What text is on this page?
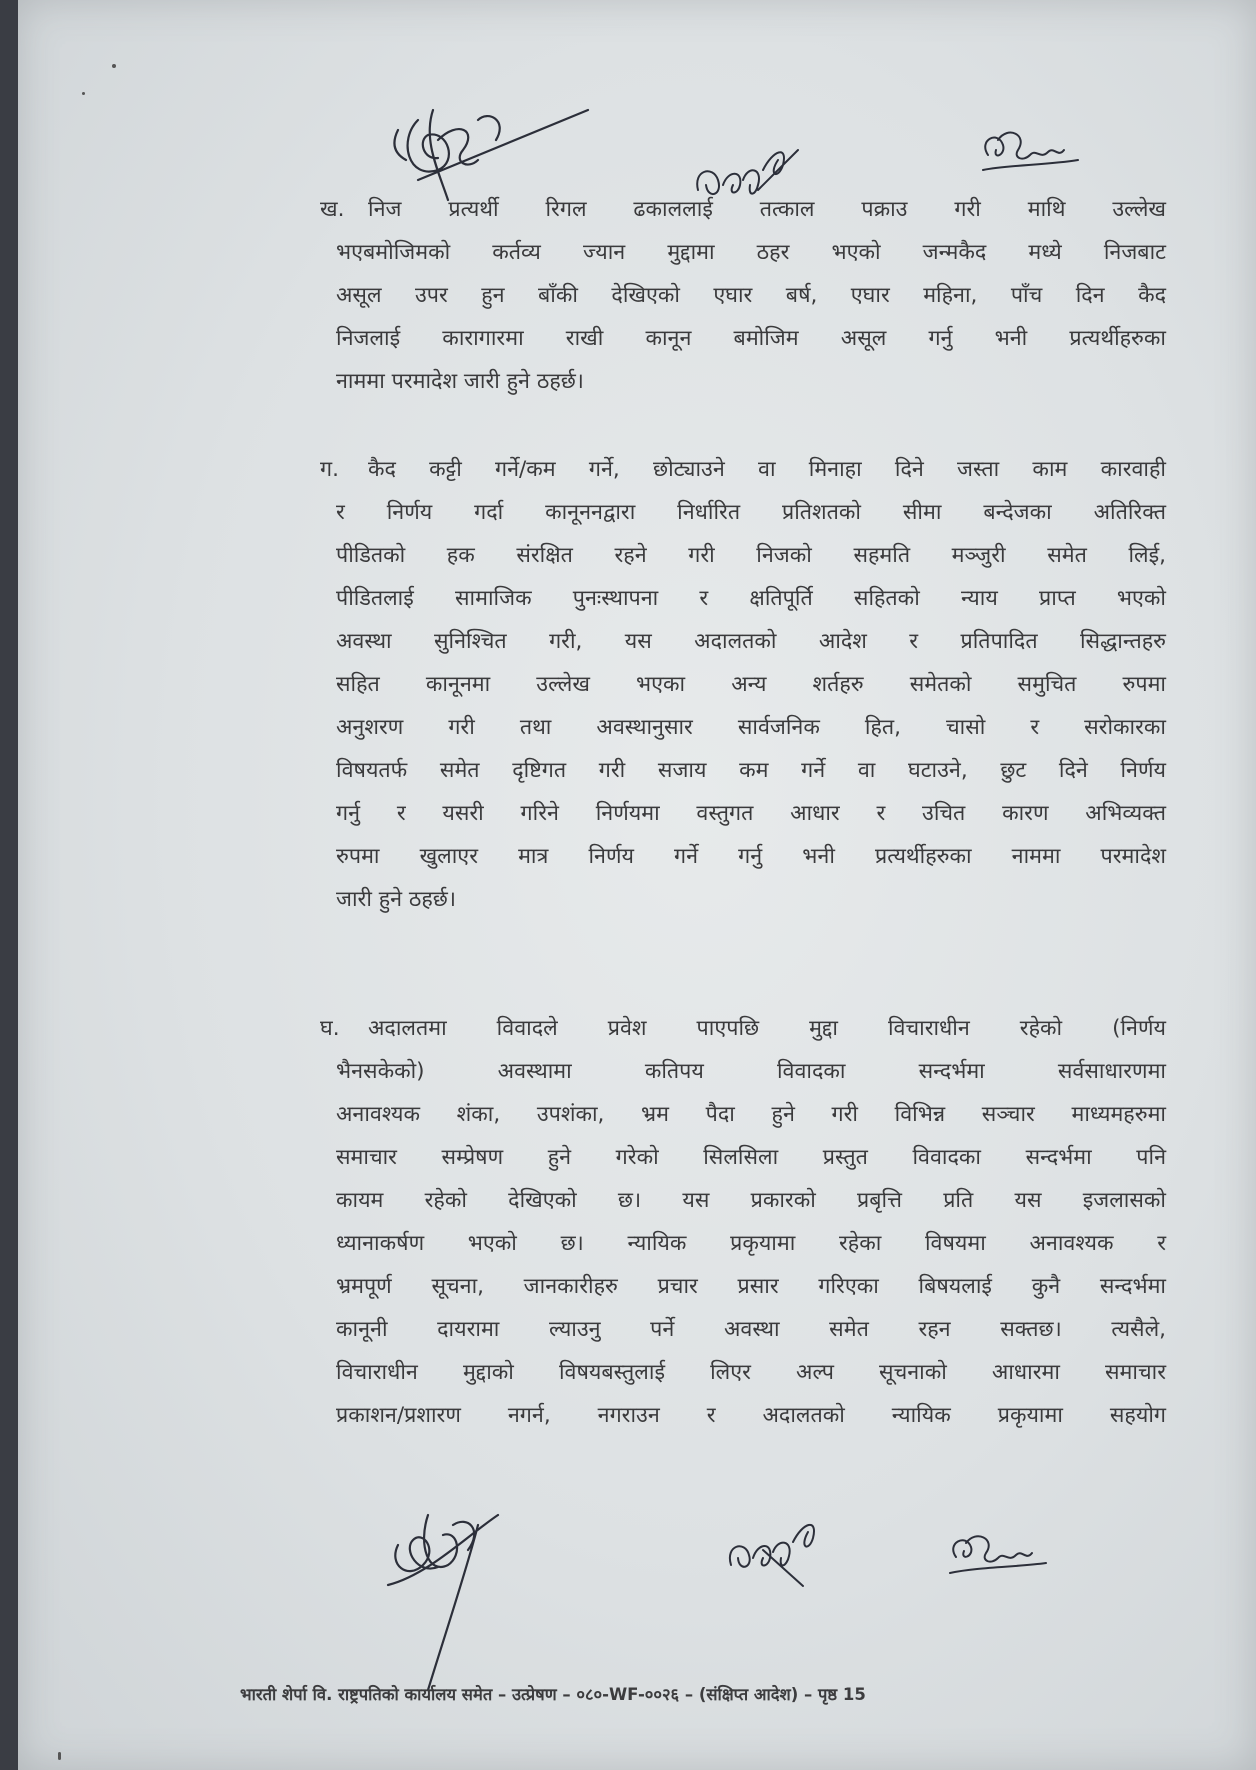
ख.	निज प्रत्यर्थी रिगल ढकाललाई तत्काल पक्राउ गरी माथि उल्लेख
भएबमोजिमको कर्तव्य ज्यान मुद्दामा ठहर भएको जन्मकैद मध्ये निजबाट
असूल उपर हुन बाँकी देखिएको एघार बर्ष, एघार महिना, पाँच दिन कैद
निजलाई कारागारमा राखी कानून बमोजिम असूल गर्नु भनी प्रत्यर्थीहरुका
नाममा परमादेश जारी हुने ठहर्छ।
ग.	कैद कट्टी गर्ने/कम गर्ने, छोट्याउने वा मिनाहा दिने जस्ता काम कारवाही
र निर्णय गर्दा कानूननद्वारा निर्धारित प्रतिशतको सीमा बन्देजका अतिरिक्त
पीडितको हक संरक्षित रहने गरी निजको सहमति मञ्जुरी समेत लिई,
पीडितलाई सामाजिक पुनःस्थापना र क्षतिपूर्ति सहितको न्याय प्राप्त भएको
अवस्था सुनिश्चित गरी, यस अदालतको आदेश र प्रतिपादित सिद्धान्तहरु
सहित कानूनमा उल्लेख भएका अन्य शर्तहरु समेतको समुचित रुपमा
अनुशरण गरी तथा अवस्थानुसार सार्वजनिक हित, चासो र सरोकारका
विषयतर्फ समेत दृष्टिगत गरी सजाय कम गर्ने वा घटाउने, छुट दिने निर्णय
गर्नु र यसरी गरिने निर्णयमा वस्तुगत आधार र उचित कारण अभिव्यक्त
रुपमा खुलाएर मात्र निर्णय गर्ने गर्नु भनी प्रत्यर्थीहरुका नाममा परमादेश
जारी हुने ठहर्छ।
घ.	अदालतमा विवादले प्रवेश पाएपछि मुद्दा विचाराधीन रहेको (निर्णय
भैनसकेको) अवस्थामा कतिपय विवादका सन्दर्भमा सर्वसाधारणमा
अनावश्यक शंका, उपशंका, भ्रम पैदा हुने गरी विभिन्न सञ्चार माध्यमहरुमा
समाचार सम्प्रेषण हुने गरेको सिलसिला प्रस्तुत विवादका सन्दर्भमा पनि
कायम रहेको देखिएको छ। यस प्रकारको प्रबृत्ति प्रति यस इजलासको
ध्यानाकर्षण भएको छ। न्यायिक प्रकृयामा रहेका विषयमा अनावश्यक र
भ्रमपूर्ण सूचना, जानकारीहरु प्रचार प्रसार गरिएका बिषयलाई कुनै सन्दर्भमा
कानूनी दायरामा ल्याउनु पर्ने अवस्था समेत रहन सक्तछ। त्यसैले,
विचाराधीन मुद्दाको विषयबस्तुलाई लिएर अल्प सूचनाको आधारमा समाचार
प्रकाशन/प्रशारण नगर्न, नगराउन र अदालतको न्यायिक प्रकृयामा सहयोग
भारती शेर्पा वि. राष्ट्रपतिको कार्यालय समेत – उत्प्रेषण – ०८०-WF-००२६ – (संक्षिप्त आदेश) – पृष्ठ 15
